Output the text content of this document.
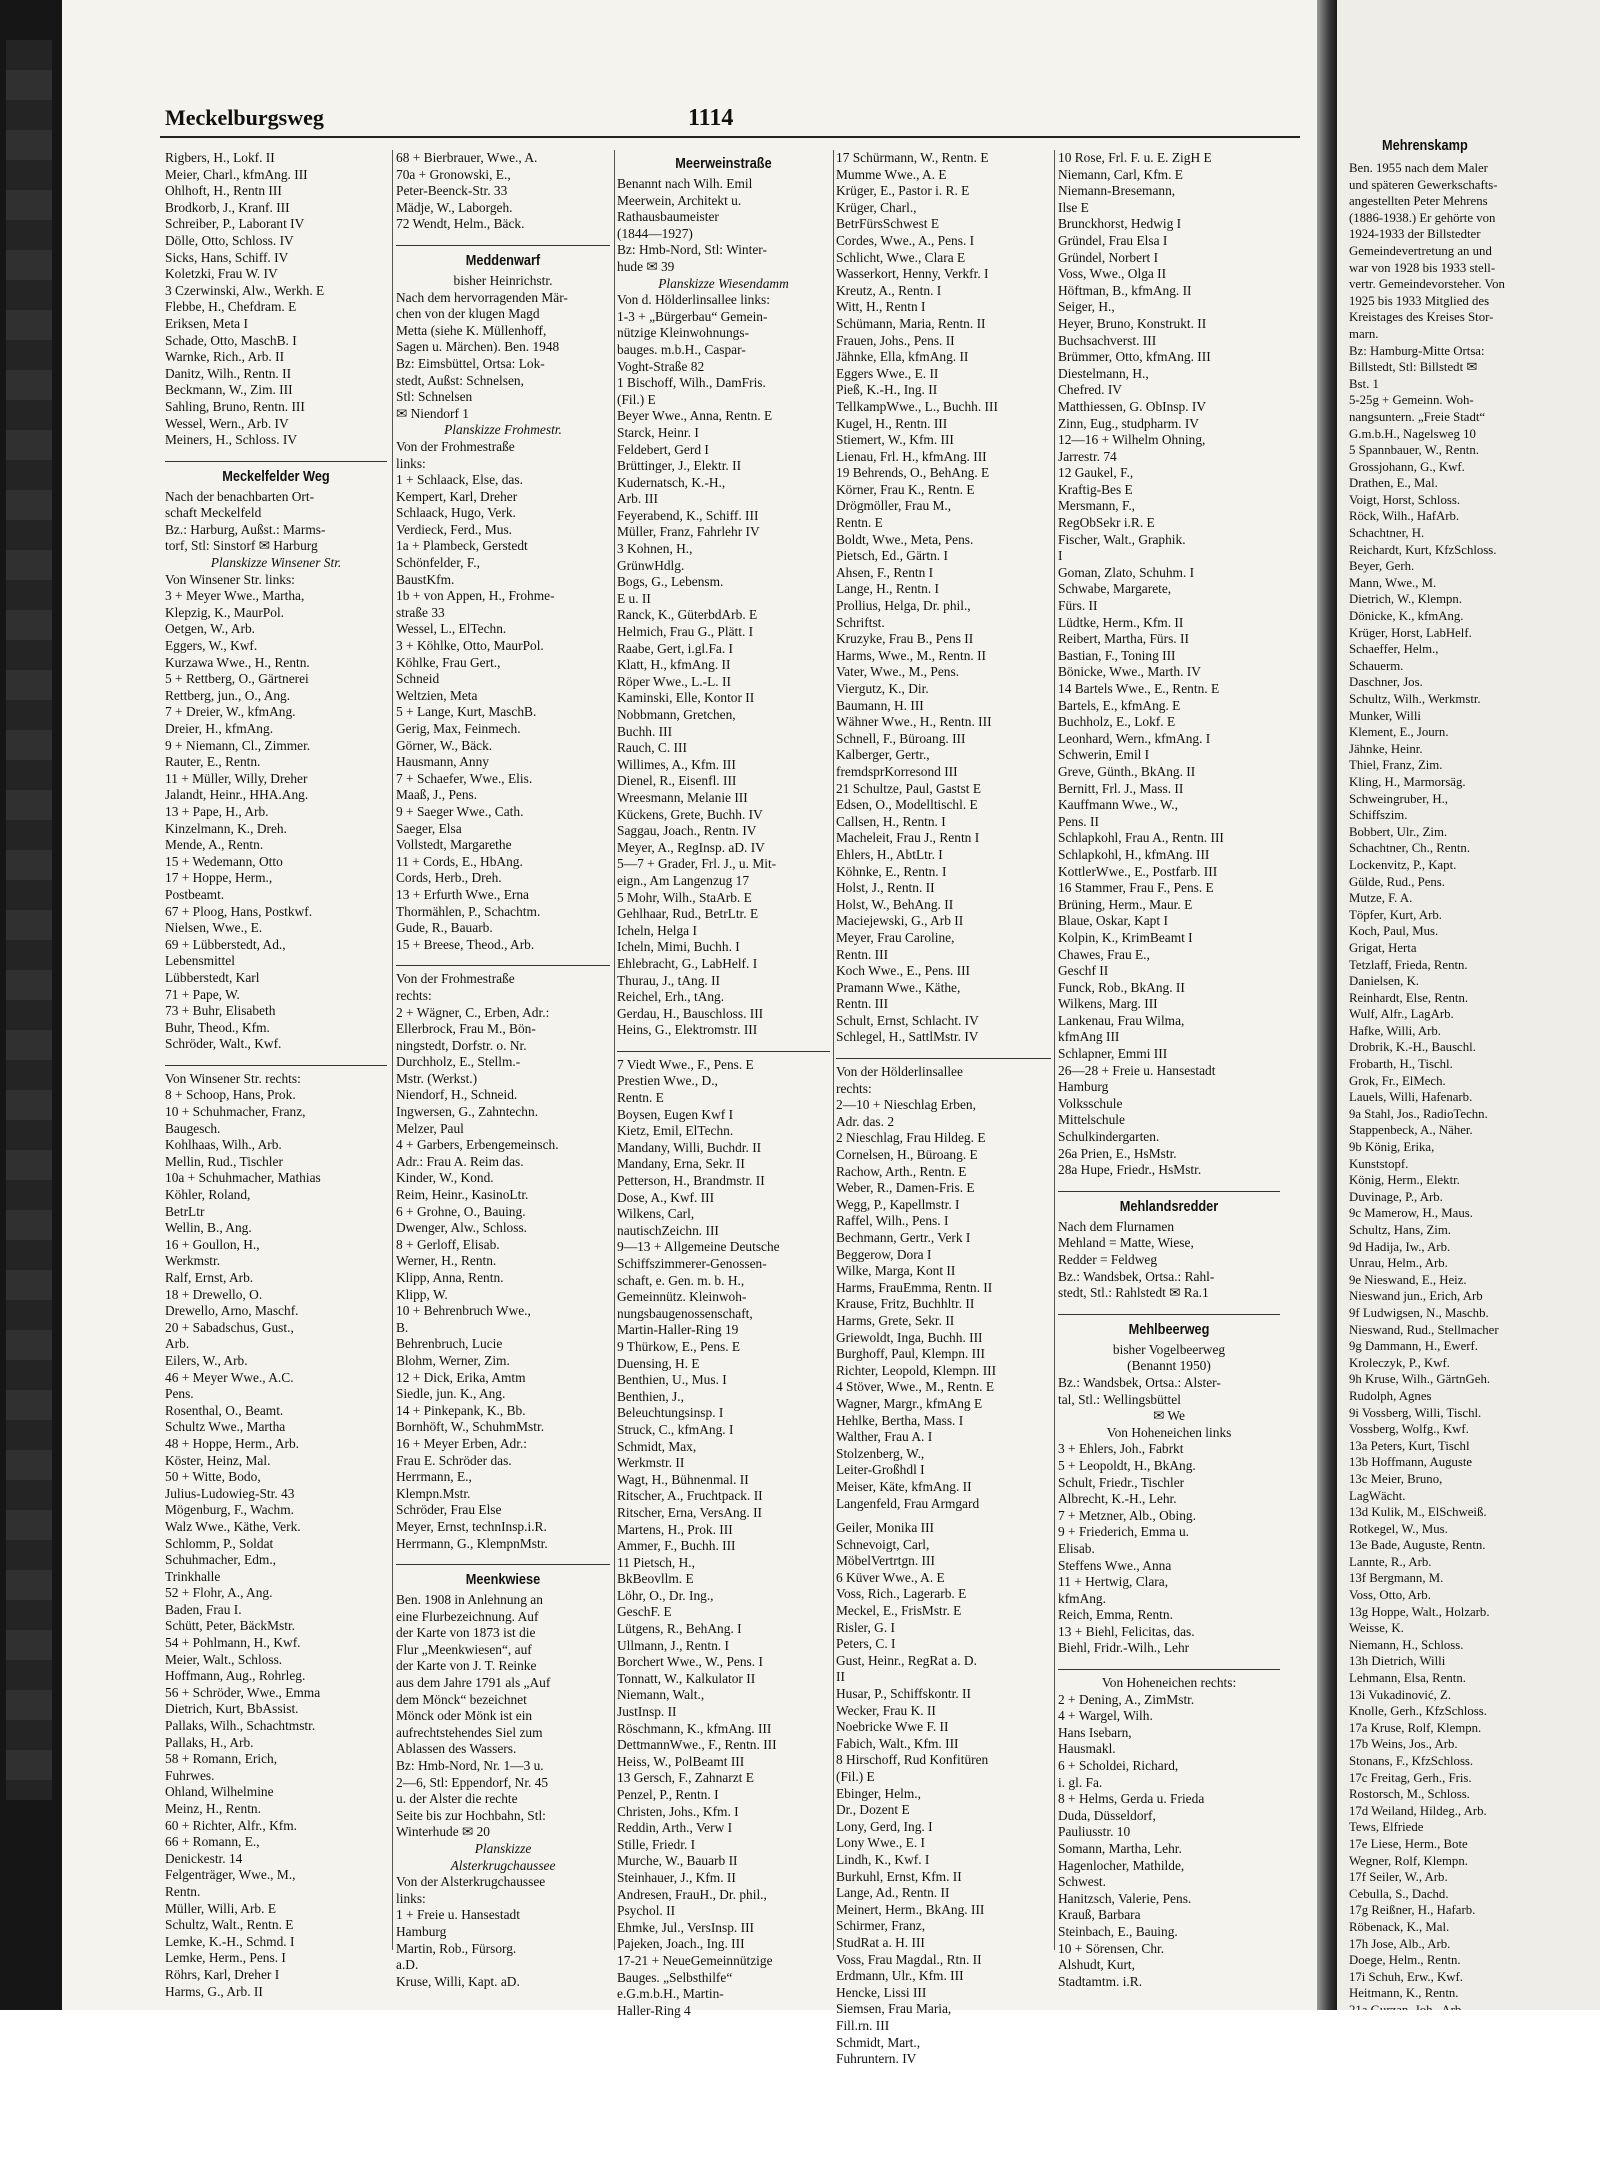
Mehrenskamp
Ben. 1955 nach dem Maler
und späteren Gewerkschafts-
angestellten Peter Mehrens
(1886-1938.) Er gehörte von
1924-1933 der Billstedter
Gemeindevertretung an und
war von 1928 bis 1933 stell-
vertr. Gemeindevorsteher. Von
1925 bis 1933 Mitglied des
Kreistages des Kreises Stor-
marn.
Bz: Hamburg-Mitte Ortsa:
Billstedt, Stl: Billstedt ✉
Bst. 1
5-25g + Gemeinn. Woh-
nangsuntern. „Freie Stadt“
G.m.b.H., Nagelsweg 10
5 Spannbauer, W., Rentn.
Grossjohann, G., Kwf.
Drathen, E., Mal.
Voigt, Horst, Schloss.
Röck, Wilh., HafArb.
Schachtner, H.
Reichardt, Kurt, KfzSchloss.
Beyer, Gerh.
Mann, Wwe., M.
Dietrich, W., Klempn.
Dönicke, K., kfmAng.
Krüger, Horst, LabHelf.
Schaeffer, Helm.,
Schauerm.
Daschner, Jos.
Schultz, Wilh., Werkmstr.
Munker, Willi
Klement, E., Journ.
Jähnke, Heinr.
Thiel, Franz, Zim.
Kling, H., Marmorsäg.
Schweingruber, H.,
Schiffszim.
Bobbert, Ulr., Zim.
Schachtner, Ch., Rentn.
Lockenvitz, P., Kapt.
Gülde, Rud., Pens.
Mutze, F. A.
Töpfer, Kurt, Arb.
Koch, Paul, Mus.
Grigat, Herta
Tetzlaff, Frieda, Rentn.
Danielsen, K.
Reinhardt, Else, Rentn.
Wulf, Alfr., LagArb.
Hafke, Willi, Arb.
Drobrik, K.-H., Bauschl.
Frobarth, H., Tischl.
Grok, Fr., ElMech.
Lauels, Willi, Hafenarb.
9a Stahl, Jos., RadioTechn.
Stappenbeck, A., Näher.
9b König, Erika,
Kunststopf.
König, Herm., Elektr.
Duvinage, P., Arb.
9c Mamerow, H., Maus.
Schultz, Hans, Zim.
9d Hadija, Iw., Arb.
Unrau, Helm., Arb.
9e Nieswand, E., Heiz.
Nieswand jun., Erich, Arb
9f Ludwigsen, N., Maschb.
Nieswand, Rud., Stellmacher
9g Dammann, H., Ewerf.
Kroleczyk, P., Kwf.
9h Kruse, Wilh., GärtnGeh.
Rudolph, Agnes
9i Vossberg, Willi, Tischl.
Vossberg, Wolfg., Kwf.
13a Peters, Kurt, Tischl
13b Hoffmann, Auguste
13c Meier, Bruno,
LagWächt.
13d Kulik, M., ElSchweiß.
Rotkegel, W., Mus.
13e Bade, Auguste, Rentn.
Lannte, R., Arb.
13f Bergmann, M.
Voss, Otto, Arb.
13g Hoppe, Walt., Holzarb.
Weisse, K.
Niemann, H., Schloss.
13h Dietrich, Willi
Lehmann, Elsa, Rentn.
13i Vukadinović, Z.
Knolle, Gerh., KfzSchloss.
17a Kruse, Rolf, Klempn.
17b Weins, Jos., Arb.
Stonans, F., KfzSchloss.
17c Freitag, Gerh., Fris.
Rostorsch, M., Schloss.
17d Weiland, Hildeg., Arb.
Tews, Elfriede
17e Liese, Herm., Bote
Wegner, Rolf, Klempn.
17f Seiler, W., Arb.
Cebulla, S., Dachd.
17g Reißner, H., Hafarb.
Röbenack, K., Mal.
17h Jose, Alb., Arb.
Doege, Helm., Rentn.
17i Schuh, Erw., Kwf.
Heitmann, K., Rentn.
Meckelburgsweg	1114
Rigbers, H., Lokf. II
Meier, Charl., kfmAng. III
Ohlhoft, H., Rentn III
Brodkorb, J., Kranf. III
Schreiber, P., Laborant IV
Dölle, Otto, Schloss. IV
Sicks, Hans, Schiff. IV
Koletzki, Frau W. IV
3 Czerwinski, Alw., Werkh. E
Flebbe, H., Chefdram. E
Eriksen, Meta I
Schade, Otto, MaschB. I
Warnke, Rich., Arb. II
Danitz, Wilh., Rentn. II
Beckmann, W., Zim. III
Sahling, Bruno, Rentn. III
Wessel, Wern., Arb. IV
Meiners, H., Schloss. IV
Meckelfelder Weg
Nach der benachbarten Ort-
schaft Meckelfeld
Bz.: Harburg, Außst.: Marms-
torf, Stl: Sinstorf ✉ Harburg
Planskizze Winsener Str.
Von Winsener Str. links:
3 + Meyer Wwe., Martha,
Klepzig, K., MaurPol.
Oetgen, W., Arb.
Eggers, W., Kwf.
Kurzawa Wwe., H., Rentn.
5 + Rettberg, O., Gärtnerei
Rettberg, jun., O., Ang.
7 + Dreier, W., kfmAng.
Dreier, H., kfmAng.
9 + Niemann, Cl., Zimmer.
Rauter, E., Rentn.
11 + Müller, Willy, Dreher
Jalandt, Heinr., HHA.Ang.
13 + Pape, H., Arb.
Kinzelmann, K., Dreh.
Mende, A., Rentn.
15 + Wedemann, Otto
17 + Hoppe, Herm.,
Postbeamt.
67 + Ploog, Hans, Postkwf.
Nielsen, Wwe., E.
69 + Lübberstedt, Ad.,
Lebensmittel
Lübberstedt, Karl
71 + Pape, W.
73 + Buhr, Elisabeth
Buhr, Theod., Kfm.
Schröder, Walt., Kwf.
Von Winsener Str. rechts:
8 + Schoop, Hans, Prok.
10 + Schuhmacher, Franz,
Baugesch.
Kohlhaas, Wilh., Arb.
Mellin, Rud., Tischler
10a + Schuhmacher, Mathias
Köhler, Roland,
BetrLtr
Wellin, B., Ang.
16 + Goullon, H.,
Werkmstr.
Ralf, Ernst, Arb.
18 + Drewello, O.
Drewello, Arno, Maschf.
20 + Sabadschus, Gust.,
Arb.
Eilers, W., Arb.
46 + Meyer Wwe., A.C.
Pens.
Rosenthal, O., Beamt.
Schultz Wwe., Martha
48 + Hoppe, Herm., Arb.
Köster, Heinz, Mal.
50 + Witte, Bodo,
Julius-Ludowieg-Str. 43
Mögenburg, F., Wachm.
Walz Wwe., Käthe, Verk.
Schlomm, P., Soldat
Schuhmacher, Edm.,
Trinkhalle
52 + Flohr, A., Ang.
Baden, Frau I.
Schütt, Peter, BäckMstr.
54 + Pohlmann, H., Kwf.
Meier, Walt., Schloss.
Hoffmann, Aug., Rohrleg.
56 + Schröder, Wwe., Emma
Dietrich, Kurt, BbAssist.
Pallaks, Wilh., Schachtmstr.
Pallaks, H., Arb.
58 + Romann, Erich,
Fuhrwes.
Ohland, Wilhelmine
Meinz, H., Rentn.
60 + Richter, Alfr., Kfm.
66 + Romann, E.,
Denickestr. 14
Felgenträger, Wwe., M.,
Rentn.
Müller, Willi, Arb. E
Schultz, Walt., Rentn. E
Lemke, K.-H., Schmd. I
Lemke, Herm., Pens. I
Röhrs, Karl, Dreher I
Harms, G., Arb. II
68 + Bierbrauer, Wwe., A.
70a + Gronowski, E.,
Peter-Beenck-Str. 33
Mädje, W., Laborgeh.
72 Wendt, Helm., Bäck.
Meddenwarf
bisher Heinrichstr.
Nach dem hervorragenden Mär-
chen von der klugen Magd
Metta (siehe K. Müllenhoff,
Sagen u. Märchen). Ben. 1948
Bz: Eimsbüttel, Ortsa: Lok-
stedt, Außst: Schnelsen,
Stl: Schnelsen
✉ Niendorf 1
Planskizze Frohmestr.
Von der Frohmestraße
links:
1 + Schlaack, Else, das.
Kempert, Karl, Dreher
Schlaack, Hugo, Verk.
Verdieck, Ferd., Mus.
1a + Plambeck, Gerstedt
Schönfelder, F.,
BaustKfm.
1b + von Appen, H., Frohme-
straße 33
Wessel, L., ElTechn.
3 + Köhlke, Otto, MaurPol.
Köhlke, Frau Gert.,
Schneid
Weltzien, Meta
5 + Lange, Kurt, MaschB.
Gerig, Max, Feinmech.
Görner, W., Bäck.
Hausmann, Anny
7 + Schaefer, Wwe., Elis.
Maaß, J., Pens.
9 + Saeger Wwe., Cath.
Saeger, Elsa
Vollstedt, Margarethe
11 + Cords, E., HbAng.
Cords, Herb., Dreh.
13 + Erfurth Wwe., Erna
Thormählen, P., Schachtm.
Gude, R., Bauarb.
15 + Breese, Theod., Arb.
Von der Frohmestraße
rechts:
2 + Wägner, C., Erben, Adr.:
Ellerbrock, Frau M., Bön-
ningstedt, Dorfstr. o. Nr.
Durchholz, E., Stellm.-
Mstr. (Werkst.)
Niendorf, H., Schneid.
Ingwersen, G., Zahntechn.
Melzer, Paul
4 + Garbers, Erbengemeinsch.
Adr.: Frau A. Reim das.
Kinder, W., Kond.
Reim, Heinr., KasinoLtr.
6 + Grohne, O., Bauing.
Dwenger, Alw., Schloss.
8 + Gerloff, Elisab.
Werner, H., Rentn.
Klipp, Anna, Rentn.
Klipp, W.
10 + Behrenbruch Wwe.,
B.
Behrenbruch, Lucie
Blohm, Werner, Zim.
12 + Dick, Erika, Amtm
Siedle, jun. K., Ang.
14 + Pinkepank, K., Bb.
Bornhöft, W., SchuhmMstr.
16 + Meyer Erben, Adr.:
Frau E. Schröder das.
Herrmann, E.,
Klempn.Mstr.
Schröder, Frau Else
Meyer, Ernst, technInsp.i.R.
Herrmann, G., KlempnMstr.
Meenkwiese
Ben. 1908 in Anlehnung an
eine Flurbezeichnung. Auf
der Karte von 1873 ist die
Flur „Meenkwiesen“, auf
der Karte von J. T. Reinke
aus dem Jahre 1791 als „Auf
dem Mönck“ bezeichnet
Mönck oder Mönk ist ein
aufrechtstehendes Siel zum
Ablassen des Wassers.
Bz: Hmb-Nord, Nr. 1—3 u.
2—6, Stl: Eppendorf, Nr. 45
u. der Alster die rechte
Seite bis zur Hochbahn, Stl:
Winterhude ✉ 20
Planskizze
Alsterkrugchaussee
Von der Alsterkrugchaussee
links:
1 + Freie u. Hansestadt
Hamburg
Martin, Rob., Fürsorg.
a.D.
Kruse, Willi, Kapt. aD.
Meerweinstraße
Benannt nach Wilh. Emil
Meerwein, Architekt u.
Rathausbaumeister
(1844—1927)
Bz: Hmb-Nord, Stl: Winter-
hude ✉ 39
Planskizze Wiesendamm
Von d. Hölderlinsallee links:
1-3 + „Bürgerbau“ Gemein-
nützige Kleinwohnungs-
bauges. m.b.H., Caspar-
Voght-Straße 82
1 Bischoff, Wilh., DamFris.
(Fil.) E
Beyer Wwe., Anna, Rentn. E
Starck, Heinr. I
Feldebert, Gerd I
Brüttinger, J., Elektr. II
Kudernatsch, K.-H.,
Arb. III
Feyerabend, K., Schiff. III
Müller, Franz, Fahrlehr IV
3 Kohnen, H.,
GrünwHdlg.
Bogs, G., Lebensm.
E u. II
Ranck, K., GüterbdArb. E
Helmich, Frau G., Plätt. I
Raabe, Gert, i.gl.Fa. I
Klatt, H., kfmAng. II
Röper Wwe., L.-L. II
Kaminski, Elle, Kontor II
Nobbmann, Gretchen,
Buchh. III
Rauch, C. III
Willimes, A., Kfm. III
Dienel, R., Eisenfl. III
Wreesmann, Melanie III
Kückens, Grete, Buchh. IV
Saggau, Joach., Rentn. IV
Meyer, A., RegInsp. aD. IV
5—7 + Grader, Frl. J., u. Mit-
eign., Am Langenzug 17
5 Mohr, Wilh., StaArb. E
Gehlhaar, Rud., BetrLtr. E
Icheln, Helga I
Icheln, Mimi, Buchh. I
Ehlebracht, G., LabHelf. I
Thurau, J., tAng. II
Reichel, Erh., tAng.
Gerdau, H., Bauschloss. III
Heins, G., Elektromstr. III
7 Viedt Wwe., F., Pens. E
Prestien Wwe., D.,
Rentn. E
Boysen, Eugen Kwf I
Kietz, Emil, ElTechn.
Mandany, Willi, Buchdr. II
Mandany, Erna, Sekr. II
Petterson, H., Brandmstr. II
Dose, A., Kwf. III
Wilkens, Carl,
nautischZeichn. III
9—13 + Allgemeine Deutsche
Schiffszimmerer-Genossen-
schaft, e. Gen. m. b. H.,
Gemeinnütz. Kleinwoh-
nungsbaugenossenschaft,
Martin-Haller-Ring 19
9 Thürkow, E., Pens. E
Duensing, H. E
Benthien, U., Mus. I
Benthien, J.,
Beleuchtungsinsp. I
Struck, C., kfmAng. I
Schmidt, Max,
Werkmstr. II
Wagt, H., Bühnenmal. II
Ritscher, A., Fruchtpack. II
Ritscher, Erna, VersAng. II
Martens, H., Prok. III
Ammer, F., Buchh. III
11 Pietsch, H.,
BkBeovllm. E
Löhr, O., Dr. Ing.,
GeschF. E
Lütgens, R., BehAng. I
Ullmann, J., Rentn. I
Borchert Wwe., W., Pens. I
Tonnatt, W., Kalkulator II
Niemann, Walt.,
JustInsp. II
Röschmann, K., kfmAng. III
DettmannWwe., F., Rentn. III
Heiss, W., PolBeamt III
13 Gersch, F., Zahnarzt E
Penzel, P., Rentn. I
Christen, Johs., Kfm. I
Reddin, Arth., Verw I
Stille, Friedr. I
Murche, W., Bauarb II
Steinhauer, J., Kfm. II
Andresen, FrauH., Dr. phil.,
Psychol. II
Ehmke, Jul., VersInsp. III
Pajeken, Joach., Ing. III
17-21 + NeueGemeinnützige
Bauges. „Selbsthilfe“
e.G.m.b.H., Martin-
Haller-Ring 4
17 Schürmann, W., Rentn. E
Mumme Wwe., A. E
Krüger, E., Pastor i. R. E
Krüger, Charl.,
BetrFürsSchwest E
Cordes, Wwe., A., Pens. I
Schlicht, Wwe., Clara E
Wasserkort, Henny, Verkfr. I
Kreutz, A., Rentn. I
Witt, H., Rentn I
Schümann, Maria, Rentn. II
Frauen, Johs., Pens. II
Jähnke, Ella, kfmAng. II
Eggers Wwe., E. II
Pieß, K.-H., Ing. II
TellkampWwe., L., Buchh. III
Kugel, H., Rentn. III
Stiemert, W., Kfm. III
Lienau, Frl. H., kfmAng. III
19 Behrends, O., BehAng. E
Körner, Frau K., Rentn. E
Drögmöller, Frau M.,
Rentn. E
Boldt, Wwe., Meta, Pens.
Pietsch, Ed., Gärtn. I
Ahsen, F., Rentn I
Lange, H., Rentn. I
Prollius, Helga, Dr. phil.,
Schriftst.
Kruzyke, Frau B., Pens II
Harms, Wwe., M., Rentn. II
Vater, Wwe., M., Pens.
Viergutz, K., Dir.
Baumann, H. III
Wähner Wwe., H., Rentn. III
Schnell, F., Büroang. III
Kalberger, Gertr.,
fremdsprKorresond III
21 Schultze, Paul, Gastst E
Edsen, O., Modelltischl. E
Callsen, H., Rentn. I
Macheleit, Frau J., Rentn I
Ehlers, H., AbtLtr. I
Köhnke, E., Rentn. I
Holst, J., Rentn. II
Holst, W., BehAng. II
Maciejewski, G., Arb II
Meyer, Frau Caroline,
Rentn. III
Koch Wwe., E., Pens. III
Pramann Wwe., Käthe,
Rentn. III
Schult, Ernst, Schlacht. IV
Schlegel, H., SattlMstr. IV
Von der Hölderlinsallee
rechts:
2—10 + Nieschlag Erben,
Adr. das. 2
2 Nieschlag, Frau Hildeg. E
Cornelsen, H., Büroang. E
Rachow, Arth., Rentn. E
Weber, R., Damen-Fris. E
Wegg, P., Kapellmstr. I
Raffel, Wilh., Pens. I
Bechmann, Gertr., Verk I
Beggerow, Dora I
Wilke, Marga, Kont II
Harms, FrauEmma, Rentn. II
Krause, Fritz, Buchhltr. II
Harms, Grete, Sekr. II
Griewoldt, Inga, Buchh. III
Burghoff, Paul, Klempn. III
Richter, Leopold, Klempn. III
4 Stöver, Wwe., M., Rentn. E
Wagner, Margr., kfmAng E
Hehlke, Bertha, Mass. I
Walther, Frau A. I
Stolzenberg, W.,
Leiter-Großhdl I
Meiser, Käte, kfmAng. II
Langenfeld, Frau Armgard
Geiler, Monika III
Schnevoigt, Carl,
MöbelVertrtgn. III
6 Küver Wwe., A. E
Voss, Rich., Lagerarb. E
Meckel, E., FrisMstr. E
Risler, G. I
Peters, C. I
Gust, Heinr., RegRat a. D.
II
Husar, P., Schiffskontr. II
Wecker, Frau K. II
Noebricke Wwe F. II
Fabich, Walt., Kfm. III
8 Hirschoff, Rud Konfitüren
(Fil.) E
Ebinger, Helm.,
Dr., Dozent E
Lony, Gerd, Ing. I
Lony Wwe., E. I
Lindh, K., Kwf. I
Burkuhl, Ernst, Kfm. II
Lange, Ad., Rentn. II
Meinert, Herm., BkAng. III
Schirmer, Franz,
StudRat a. H. III
Voss, Frau Magdal., Rtn. II
Erdmann, Ulr., Kfm. III
Hencke, Lissi III
Siemsen, Frau Maria,
Fill.rn. III
Schmidt, Mart.,
Fuhruntern. IV
10 Rose, Frl. F. u. E. ZigH E
Niemann, Carl, Kfm. E
Niemann-Bresemann,
Ilse E
Brunckhorst, Hedwig I
Gründel, Frau Elsa I
Gründel, Norbert I
Voss, Wwe., Olga II
Höftman, B., kfmAng. II
Seiger, H.,
Heyer, Bruno, Konstrukt. II
Buchsachverst. III
Brümmer, Otto, kfmAng. III
Diestelmann, H.,
Chefred. IV
Matthiessen, G. ObInsp. IV
Zinn, Eug., studpharm. IV
12—16 + Wilhelm Ohning,
Jarrestr. 74
12 Gaukel, F.,
Kraftig-Bes E
Mersmann, F.,
RegObSekr i.R. E
Fischer, Walt., Graphik.
I
Goman, Zlato, Schuhm. I
Schwabe, Margarete,
Fürs. II
Lüdtke, Herm., Kfm. II
Reibert, Martha, Fürs. II
Bastian, F., Toning III
Bönicke, Wwe., Marth. IV
14 Bartels Wwe., E., Rentn. E
Bartels, E., kfmAng. E
Buchholz, E., Lokf. E
Leonhard, Wern., kfmAng. I
Schwerin, Emil I
Greve, Günth., BkAng. II
Bernitt, Frl. J., Mass. II
Kauffmann Wwe., W.,
Pens. II
Schlapkohl, Frau A., Rentn. III
Schlapkohl, H., kfmAng. III
KottlerWwe., E., Postfarb. III
16 Stammer, Frau F., Pens. E
Brüning, Herm., Maur. E
Blaue, Oskar, Kapt I
Kolpin, K., KrimBeamt I
Chawes, Frau E.,
Geschf II
Funck, Rob., BkAng. II
Wilkens, Marg. III
Lankenau, Frau Wilma,
kfmAng III
Schlapner, Emmi III
26—28 + Freie u. Hansestadt
Hamburg
Volksschule
Mittelschule
Schulkindergarten.
26a Prien, E., HsMstr.
28a Hupe, Friedr., HsMstr.
Mehlandsredder
Nach dem Flurnamen
Mehland = Matte, Wiese,
Redder = Feldweg
Bz.: Wandsbek, Ortsa.: Rahl-
stedt, Stl.: Rahlstedt ✉ Ra.1
Mehlbeerweg
bisher Vogelbeerweg
(Benannt 1950)
Bz.: Wandsbek, Ortsa.: Alster-
tal, Stl.: Wellingsbüttel
✉ We
Von Hoheneichen links
3 + Ehlers, Joh., Fabrkt
5 + Leopoldt, H., BkAng.
Schult, Friedr., Tischler
Albrecht, K.-H., Lehr.
7 + Metzner, Alb., Obing.
9 + Friederich, Emma u.
Elisab.
Steffens Wwe., Anna
11 + Hertwig, Clara,
kfmAng.
Reich, Emma, Rentn.
13 + Biehl, Felicitas, das.
Biehl, Fridr.-Wilh., Lehr
Von Hoheneichen rechts:
2 + Dening, A., ZimMstr.
4 + Wargel, Wilh.
Hans Isebarn,
Hausmakl.
6 + Scholdei, Richard,
i. gl. Fa.
8 + Helms, Gerda u. Frieda
Duda, Düsseldorf,
Pauliusstr. 10
Somann, Martha, Lehr.
Hagenlocher, Mathilde,
Schwest.
Hanitzsch, Valerie, Pens.
Krauß, Barbara
Steinbach, E., Bauing.
10 + Sörensen, Chr.
Alshudt, Kurt,
Stadtamtm. i.R.
